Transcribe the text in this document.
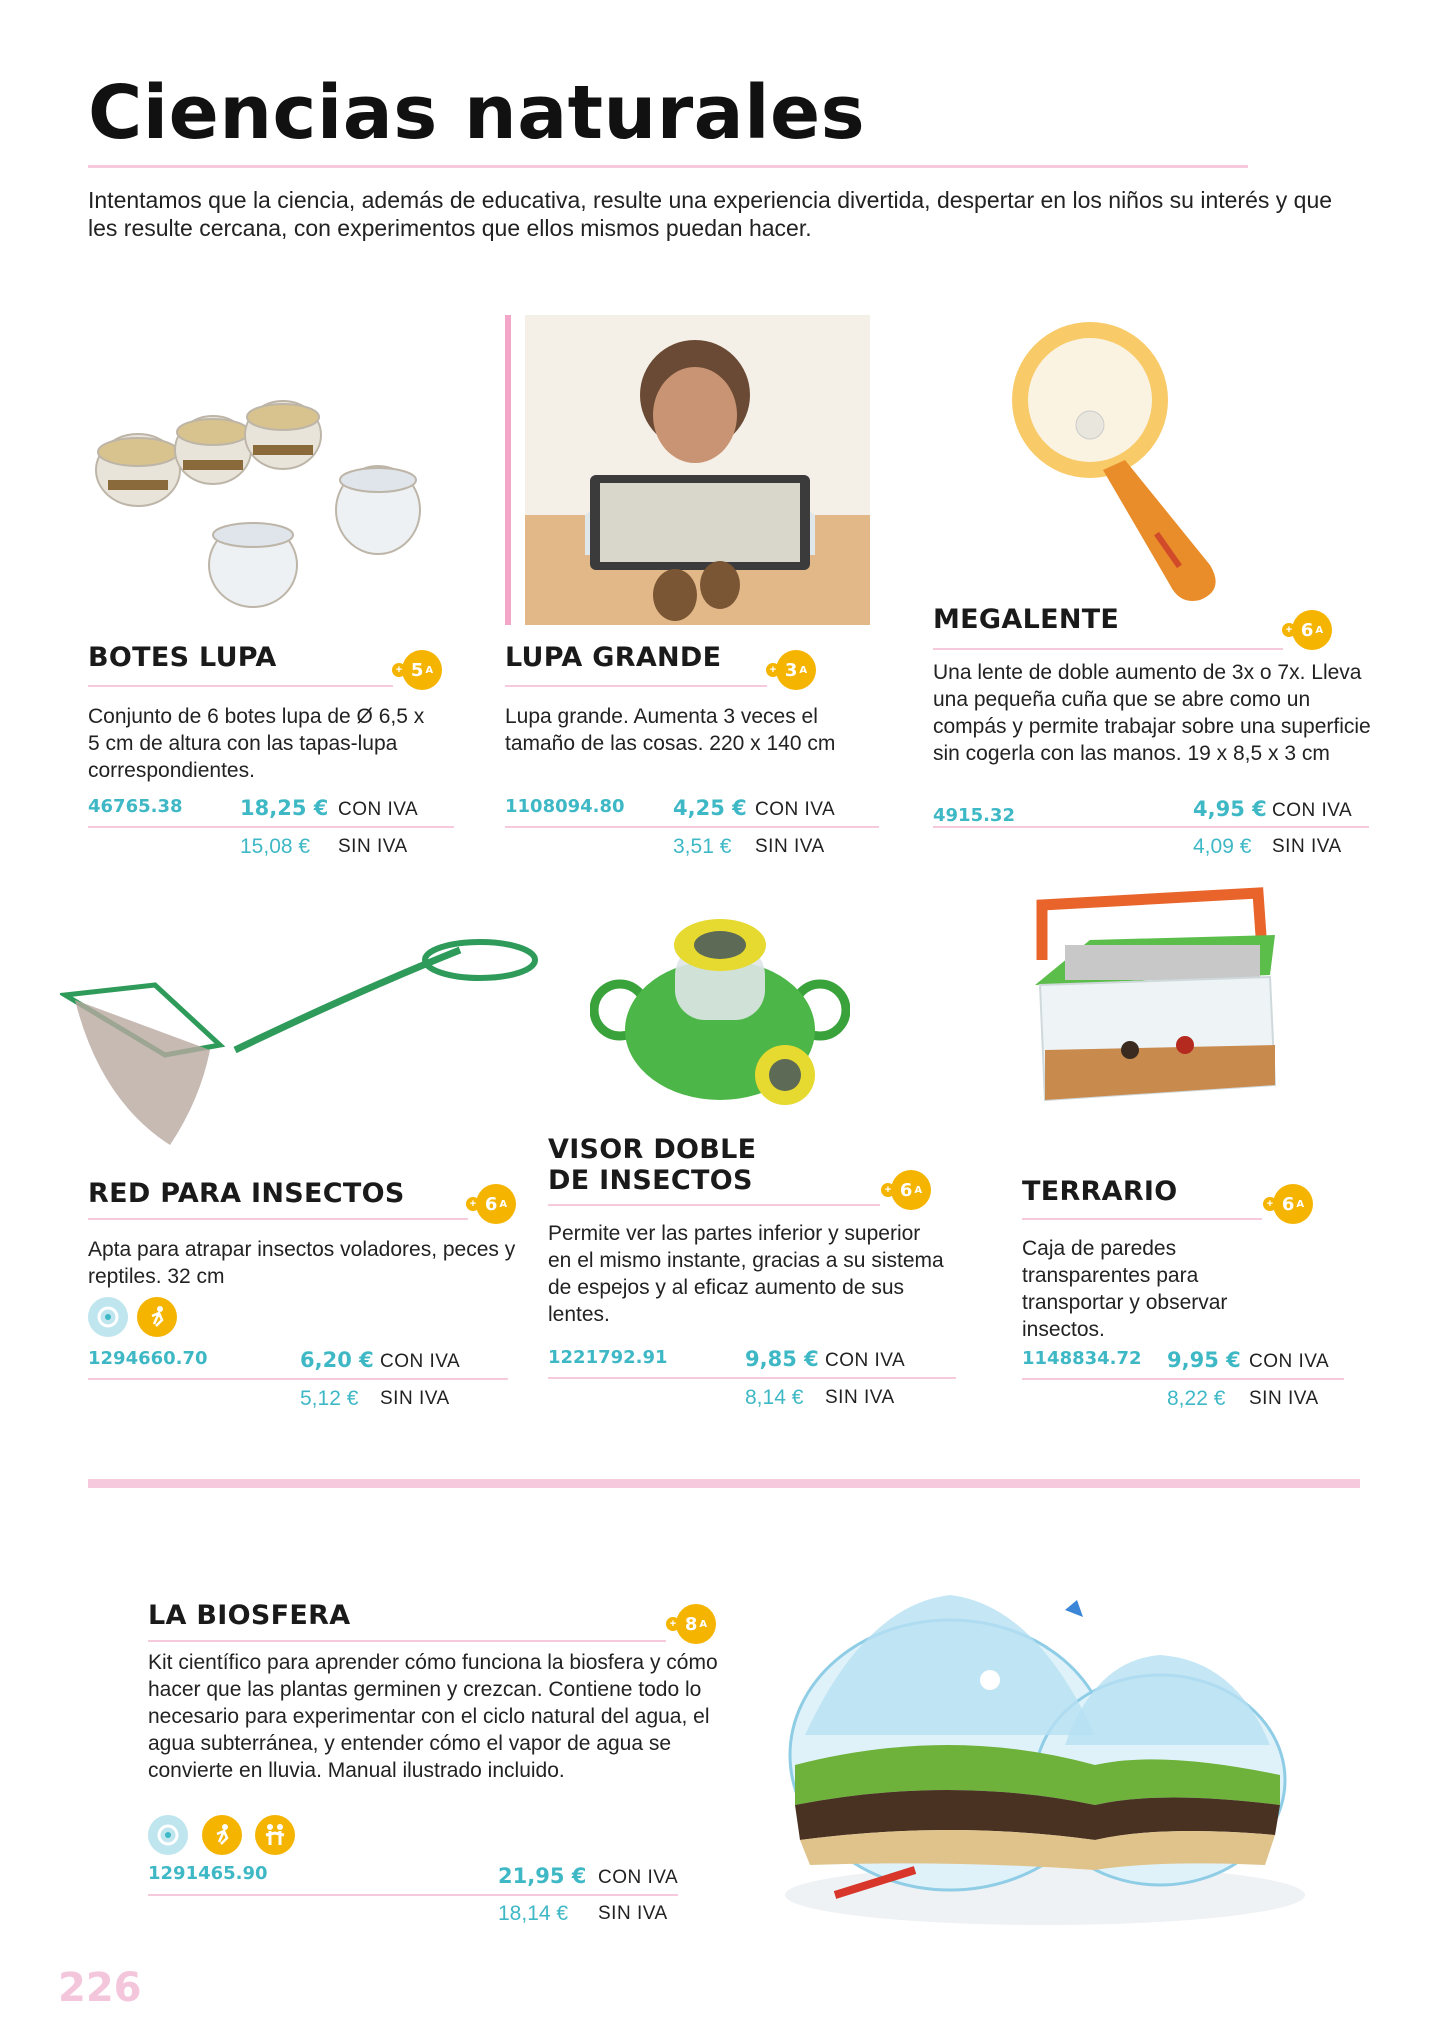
Ciencias naturales
Intentamos que la ciencia, además de educativa, resulte una experiencia divertida, despertar en los niños su interés y que les resulte cercana, con experimentos que ellos mismos puedan hacer.
BOTES LUPA	+ 5 A
Conjunto de 6 botes lupa de Ø 6,5 x 5 cm de altura con las tapas-lupa correspondientes.
46765.38	18,25 € CON IVA
15,08 € SIN IVA
LUPA GRANDE	+ 3 A
Lupa grande. Aumenta 3 veces el tamaño de las cosas. 220 x 140 cm
1108094.80 4,25 € CON IVA
3,51 € SIN IVA
MEGALENTE	+ 6 A
Una lente de doble aumento de 3x o 7x. Lleva una pequeña cuña que se abre como un compás y permite trabajar sobre una superficie sin cogerla con las manos. 19 x 8,5 x 3 cm
4915.32	4,95 € CON IVA
4,09 € SIN IVA
RED PARA INSECTOS	+ 6 A
Apta para atrapar insectos voladores, peces y reptiles. 32 cm
1294660.70	6,20 € CON IVA
5,12 € SIN IVA
VISOR DOBLE
DE INSECTOS	+ 6 A
Permite ver las partes inferior y superior en el mismo instante, gracias a su sistema de espejos y al eficaz aumento de sus lentes.
1221792.91	9,85 € CON IVA
8,14 € SIN IVA
TERRARIO	+ 6 A
Caja de paredes transparentes para transportar y observar insectos.
1148834.72 9,95 € CON IVA
8,22 € SIN IVA
LA BIOSFERA	+ 8 A
Kit científico para aprender cómo funciona la biosfera y cómo hacer que las plantas germinen y crezcan. Contiene todo lo necesario para experimentar con el ciclo natural del agua, el agua subterránea, y entender cómo el vapor de agua se convierte en lluvia. Manual ilustrado incluido.
1291465.90	21,95 € CON IVA
18,14 € SIN IVA
226
